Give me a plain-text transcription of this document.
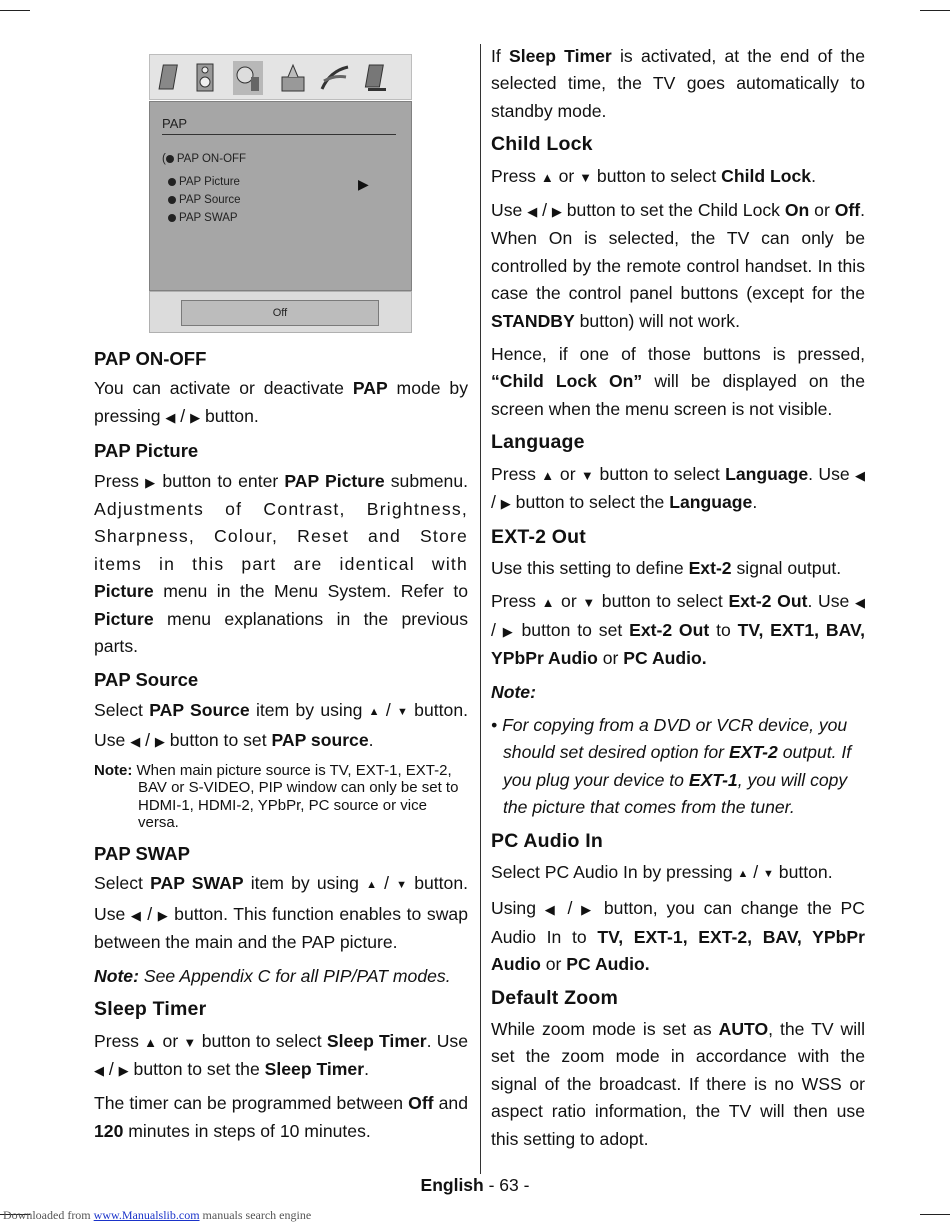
PAP
( PAP ON-OFF
PAP Picture	▶
PAP Source
PAP SWAP
Off
PAP ON-OFF

You can activate or deactivate PAP mode by pressing ◀ / ▶ button.

PAP Picture

Press ▶ button to enter PAP Picture submenu. Adjustments of Contrast, Brightness, Sharpness, Colour, Reset and Store items in this part are identical with Picture menu in the Menu System. Refer to Picture menu explanations in the previous parts.

PAP Source

Select PAP Source item by using ▲ / ▼ button. Use ◀ / ▶ button to set PAP source.

Note: When main picture source is TV, EXT-1, EXT-2, BAV or S-VIDEO, PIP window can only be set to HDMI-1, HDMI-2, YPbPr, PC source or vice versa.
PAP SWAP

Select PAP SWAP item by using ▲ / ▼ button. Use ◀ / ▶ button. This function enables to swap between the main and the PAP picture.

Note: See Appendix C for all PIP/PAT modes.

Sleep Timer

Press ▲ or ▼ button to select Sleep Timer. Use ◀ / ▶ button to set the Sleep Timer.

The timer can be programmed between Off and 120 minutes in steps of 10 minutes.

If Sleep Timer is activated, at the end of the selected time, the TV goes automatically to standby mode.

Child Lock

Press ▲ or ▼ button to select Child Lock.

Use ◀ / ▶ button to set the Child Lock On or Off. When On is selected, the TV can only be controlled by the remote control handset. In this case the control panel buttons (except for the STANDBY button) will not work.

Hence, if one of those buttons is pressed, “Child Lock On” will be displayed on the screen when the menu screen is not visible.

Language

Press ▲ or ▼ button to select Language. Use ◀ / ▶ button to select the Language.

EXT-2 Out

Use this setting to define Ext-2 signal output.

Press ▲ or ▼ button to select Ext-2 Out. Use ◀ / ▶ button to set Ext-2 Out to TV, EXT1, BAV, YPbPr Audio or PC Audio.

Note:

• For copying from a DVD or VCR device, you should set desired option for EXT-2 output. If you plug your device to EXT-1, you will copy the picture that comes from the tuner.

PC Audio In

Select PC Audio In by pressing ▲ / ▼ button.

Using ◀ / ▶ button, you can change the PC Audio In to TV, EXT-1, EXT-2, BAV, YPbPr Audio or PC Audio.

Default Zoom

While zoom mode is set as AUTO, the TV will set the zoom mode in accordance with the signal of the broadcast. If there is no WSS or aspect ratio information, the TV will then use this setting to adopt.

English - 63 -
Downloaded from www.Manualslib.com manuals search engine
